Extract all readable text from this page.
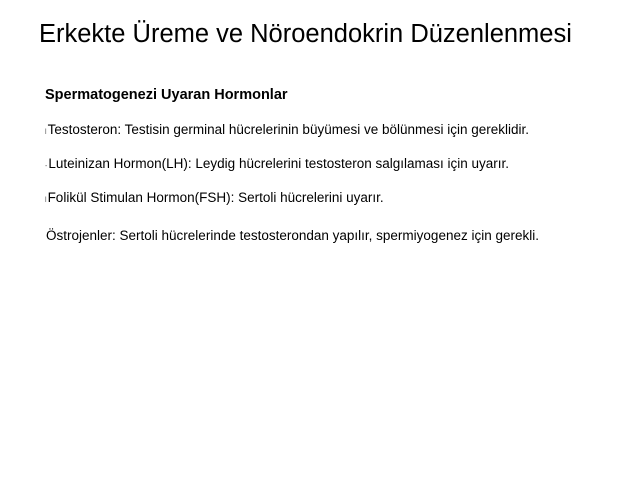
Erkekte Üreme ve Nöroendokrin Düzenlenmesi
Spermatogenezi Uyaran Hormonlar
lTestosteron: Testisin germinal hücrelerinin büyümesi ve bölünmesi için gereklidir.
-Luteinizan Hormon(LH): Leydig hücrelerini testosteron salgılaması için uyarır.
lFolikül Stimulan Hormon(FSH): Sertoli hücrelerini uyarır.
Östrojenler: Sertoli hücrelerinde testosterondan yapılır, spermiyogenez için gerekli.
